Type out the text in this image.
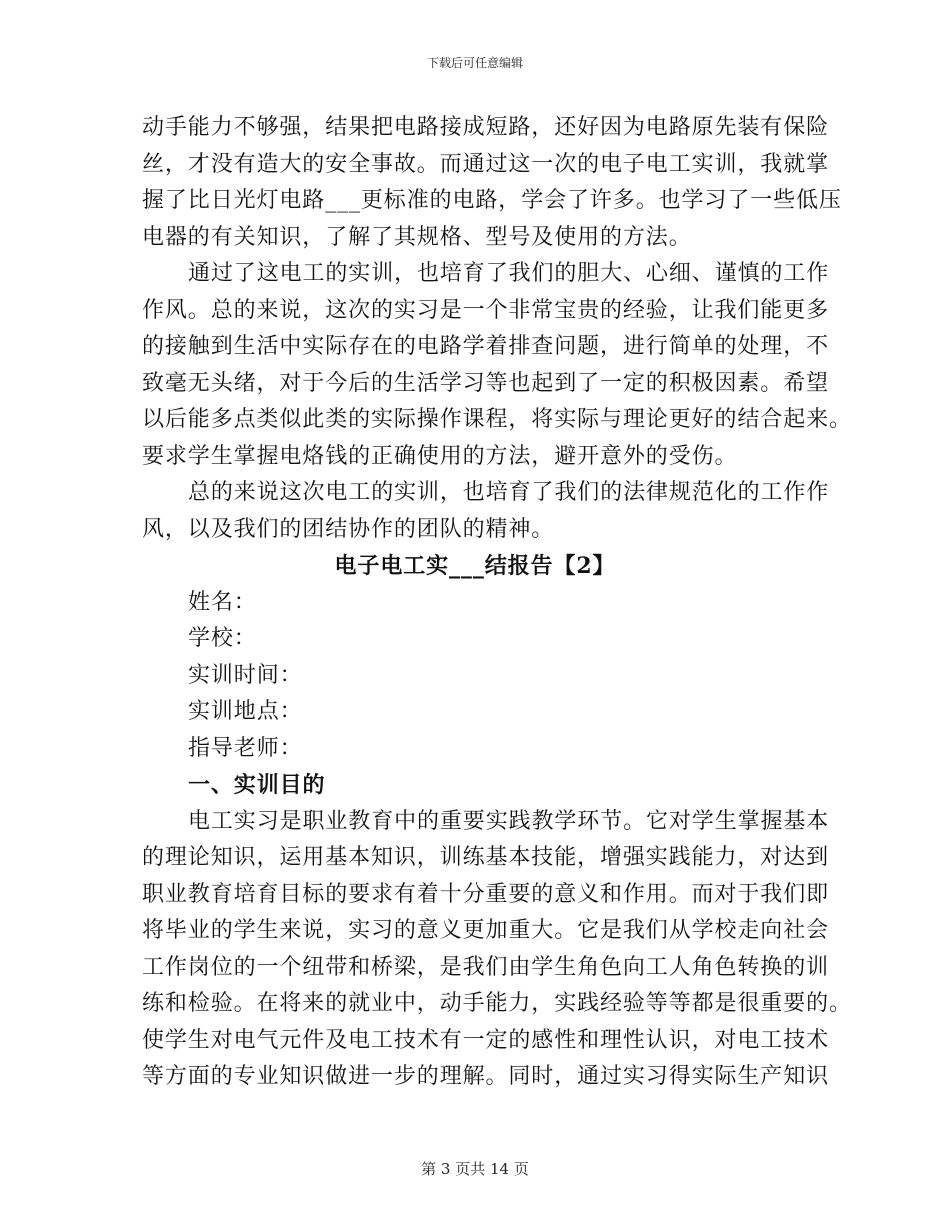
下载后可任意编辑
动手能力不够强，结果把电路接成短路，还好因为电路原先装有保险
丝，才没有造大的安全事故。而通过这一次的电子电工实训，我就掌
握了比日光灯电路___更标准的电路，学会了许多。也学习了一些低压
电器的有关知识，了解了其规格、型号及使用的方法。
通过了这电工的实训，也培育了我们的胆大、心细、谨慎的工作
作风。总的来说，这次的实习是一个非常宝贵的经验，让我们能更多
的接触到生活中实际存在的电路学着排查问题，进行简单的处理，不
致毫无头绪，对于今后的生活学习等也起到了一定的积极因素。希望
以后能多点类似此类的实际操作课程，将实际与理论更好的结合起来。
要求学生掌握电烙钱的正确使用的方法，避开意外的受伤。
总的来说这次电工的实训，也培育了我们的法律规范化的工作作
风，以及我们的团结协作的团队的精神。
电子电工实___结报告【2】
姓名：
学校：
实训时间：
实训地点：
指导老师：
一、实训目的
电工实习是职业教育中的重要实践教学环节。它对学生掌握基本
的理论知识，运用基本知识，训练基本技能，增强实践能力，对达到
职业教育培育目标的要求有着十分重要的意义和作用。而对于我们即
将毕业的学生来说，实习的意义更加重大。它是我们从学校走向社会
工作岗位的一个纽带和桥梁，是我们由学生角色向工人角色转换的训
练和检验。在将来的就业中，动手能力，实践经验等等都是很重要的。
使学生对电气元件及电工技术有一定的感性和理性认识，对电工技术
等方面的专业知识做进一步的理解。同时，通过实习得实际生产知识
第 3 页共 14 页
